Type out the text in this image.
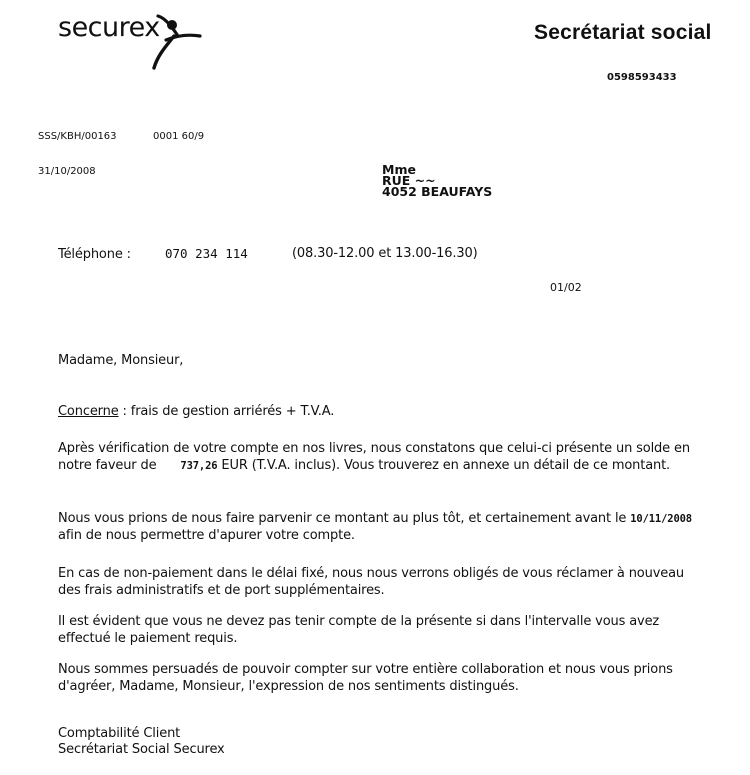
securex	Secrétariat social
0598593433
SSS/KBH/00163	0001 60/9
31/10/2008	Mme
RUE ~~
4052 BEAUFAYS
Téléphone :	070 234 114	(08.30-12.00 et 13.00-16.30)
01/02
Madame, Monsieur,
Concerne : frais de gestion arriérés + T.V.A.
Après vérification de votre compte en nos livres, nous constatons que celui-ci présente un solde en notre faveur de 737,26 EUR (T.V.A. inclus). Vous trouverez en annexe un détail de ce montant.
Nous vous prions de nous faire parvenir ce montant au plus tôt, et certainement avant le 10/11/2008 afin de nous permettre d'apurer votre compte.
En cas de non-paiement dans le délai fixé, nous nous verrons obligés de vous réclamer à nouveau des frais administratifs et de port supplémentaires.
Il est évident que vous ne devez pas tenir compte de la présente si dans l'intervalle vous avez effectué le paiement requis.
Nous sommes persuadés de pouvoir compter sur votre entière collaboration et nous vous prions d'agréer, Madame, Monsieur, l'expression de nos sentiments distingués.
Comptabilité Client
Secrétariat Social Securex
